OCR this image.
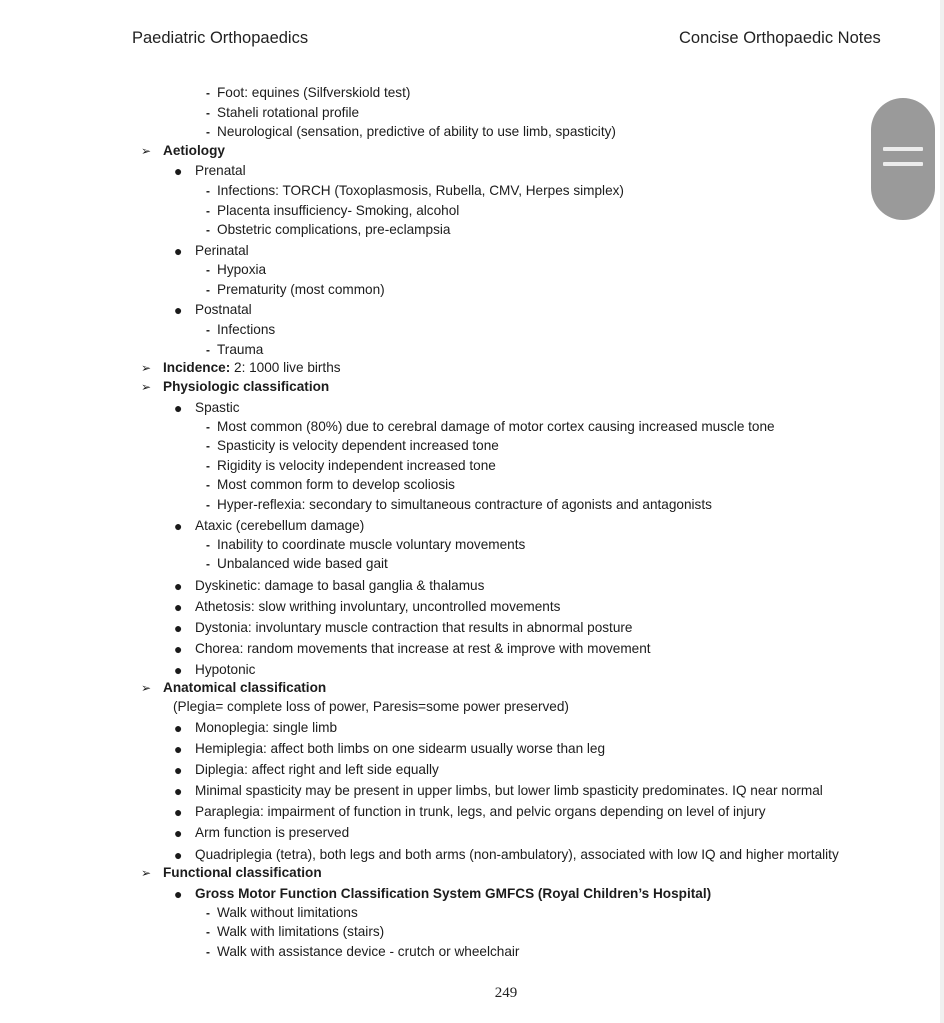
Paediatric Orthopaedics	Concise Orthopaedic Notes
- Foot: equines (Silfverskiold test)
- Staheli rotational profile
- Neurological (sensation, predictive of ability to use limb, spasticity)
➢ Aetiology
● Prenatal
- Infections: TORCH (Toxoplasmosis, Rubella, CMV, Herpes simplex)
- Placenta insufficiency- Smoking, alcohol
- Obstetric complications, pre-eclampsia
● Perinatal
- Hypoxia
- Prematurity (most common)
● Postnatal
- Infections
- Trauma
➢ Incidence: 2: 1000 live births
➢ Physiologic classification
● Spastic
- Most common (80%) due to cerebral damage of motor cortex causing increased muscle tone
- Spasticity is velocity dependent increased tone
- Rigidity is velocity independent increased tone
- Most common form to develop scoliosis
- Hyper-reflexia: secondary to simultaneous contracture of agonists and antagonists
● Ataxic (cerebellum damage)
- Inability to coordinate muscle voluntary movements
- Unbalanced wide based gait
● Dyskinetic: damage to basal ganglia & thalamus
● Athetosis: slow writhing involuntary, uncontrolled movements
● Dystonia: involuntary muscle contraction that results in abnormal posture
● Chorea: random movements that increase at rest & improve with movement
● Hypotonic
➢ Anatomical classification
(Plegia= complete loss of power, Paresis=some power preserved)
● Monoplegia: single limb
● Hemiplegia: affect both limbs on one sidearm usually worse than leg
● Diplegia: affect right and left side equally
● Minimal spasticity may be present in upper limbs, but lower limb spasticity predominates. IQ near normal
● Paraplegia: impairment of function in trunk, legs, and pelvic organs depending on level of injury
● Arm function is preserved
● Quadriplegia (tetra), both legs and both arms (non-ambulatory), associated with low IQ and higher mortality
➢ Functional classification
● Gross Motor Function Classification System GMFCS (Royal Children’s Hospital)
- Walk without limitations
- Walk with limitations (stairs)
- Walk with assistance device - crutch or wheelchair
249
